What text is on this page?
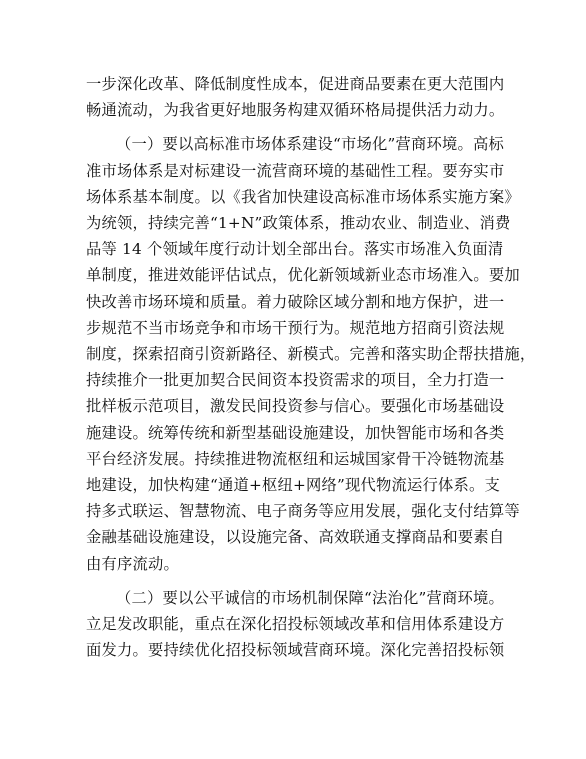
一步深化改革、降低制度性成本，促进商品要素在更大范围内
畅通流动，为我省更好地服务构建双循环格局提供活力动力。

（一）要以高标准市场体系建设“市场化”营商环境。高标
准市场体系是对标建设一流营商环境的基础性工程。要夯实市
场体系基本制度。以《我省加快建设高标准市场体系实施方案》
为统领，持续完善“1+N”政策体系，推动农业、制造业、消费
品等 14 个领域年度行动计划全部出台。落实市场准入负面清
单制度，推进效能评估试点，优化新领域新业态市场准入。要加
快改善市场环境和质量。着力破除区域分割和地方保护，进一
步规范不当市场竞争和市场干预行为。规范地方招商引资法规
制度，探索招商引资新路径、新模式。完善和落实助企帮扶措施，
持续推介一批更加契合民间资本投资需求的项目，全力打造一
批样板示范项目，激发民间投资参与信心。要强化市场基础设
施建设。统筹传统和新型基础设施建设，加快智能市场和各类
平台经济发展。持续推进物流枢纽和运城国家骨干冷链物流基
地建设，加快构建“通道+枢纽+网络”现代物流运行体系。支
持多式联运、智慧物流、电子商务等应用发展，强化支付结算等
金融基础设施建设，以设施完备、高效联通支撑商品和要素自
由有序流动。

（二）要以公平诚信的市场机制保障“法治化”营商环境。
立足发改职能，重点在深化招投标领域改革和信用体系建设方
面发力。要持续优化招投标领域营商环境。深化完善招投标领
